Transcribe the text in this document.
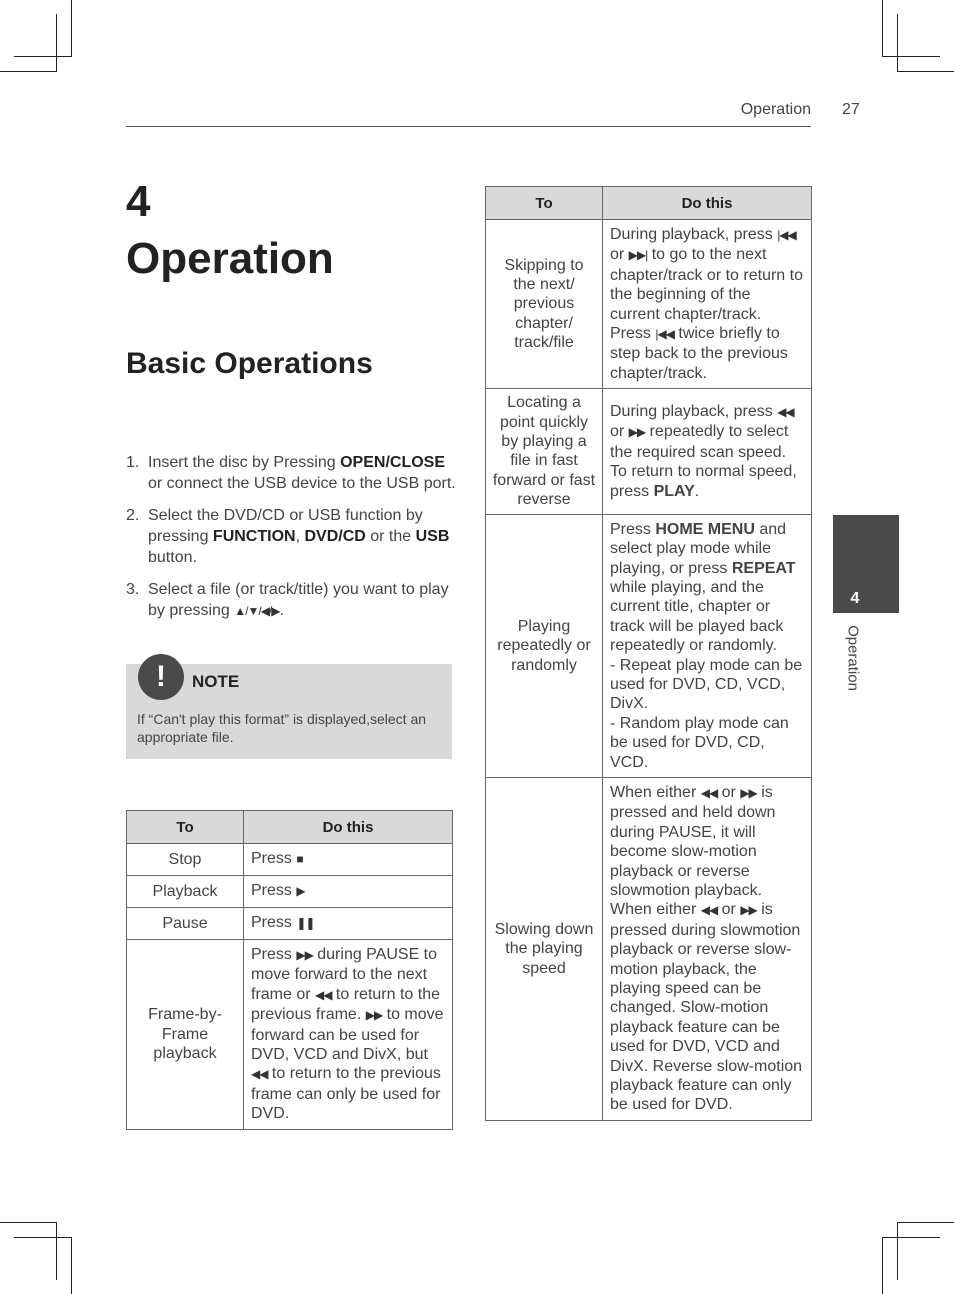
Operation 27
4
Operation
Basic Operations
1. Insert the disc by Pressing OPEN/CLOSE or connect the USB device to the USB port.
2. Select the DVD/CD or USB function by pressing FUNCTION, DVD/CD or the USB button.
3. Select a file (or track/title) you want to play by pressing ▲/▼/◀/▶.
!	NOTE
If “Can't play this format” is displayed,select an appropriate file.
To	Do this
Stop	Press ■
Playback	Press ▶
Pause	Press ❚❚
Frame-by-Frame playback	Press ▶▶ during PAUSE to move forward to the next frame or ◀◀ to return to the previous frame. ▶▶ to move forward can be used for DVD, VCD and DivX, but ◀◀ to return to the previous frame can only be used for DVD.
To	Do this
Skipping to the next/ previous chapter/ track/file	During playback, press |◀◀ or ▶▶| to go to the next chapter/track or to return to the beginning of the current chapter/track. Press |◀◀ twice briefly to step back to the previous chapter/track.
Locating a point quickly by playing a file in fast forward or fast reverse	During playback, press ◀◀ or ▶▶ repeatedly to select the required scan speed.
To return to normal speed, press PLAY.
Playing repeatedly or randomly	Press HOME MENU and select play mode while playing, or press REPEAT while playing, and the current title, chapter or track will be played back repeatedly or randomly.
- Repeat play mode can be used for DVD, CD, VCD, DivX.
- Random play mode can be used for DVD, CD, VCD.
Slowing down the playing speed	When either ◀◀ or ▶▶ is pressed and held down during PAUSE, it will become slow-motion playback or reverse slowmotion playback. When either ◀◀ or ▶▶ is pressed during slowmotion playback or reverse slow-motion playback, the playing speed can be changed. Slow-motion playback feature can be used for DVD, VCD and DivX. Reverse slow-motion playback feature can only be used for DVD.
4
Operation
